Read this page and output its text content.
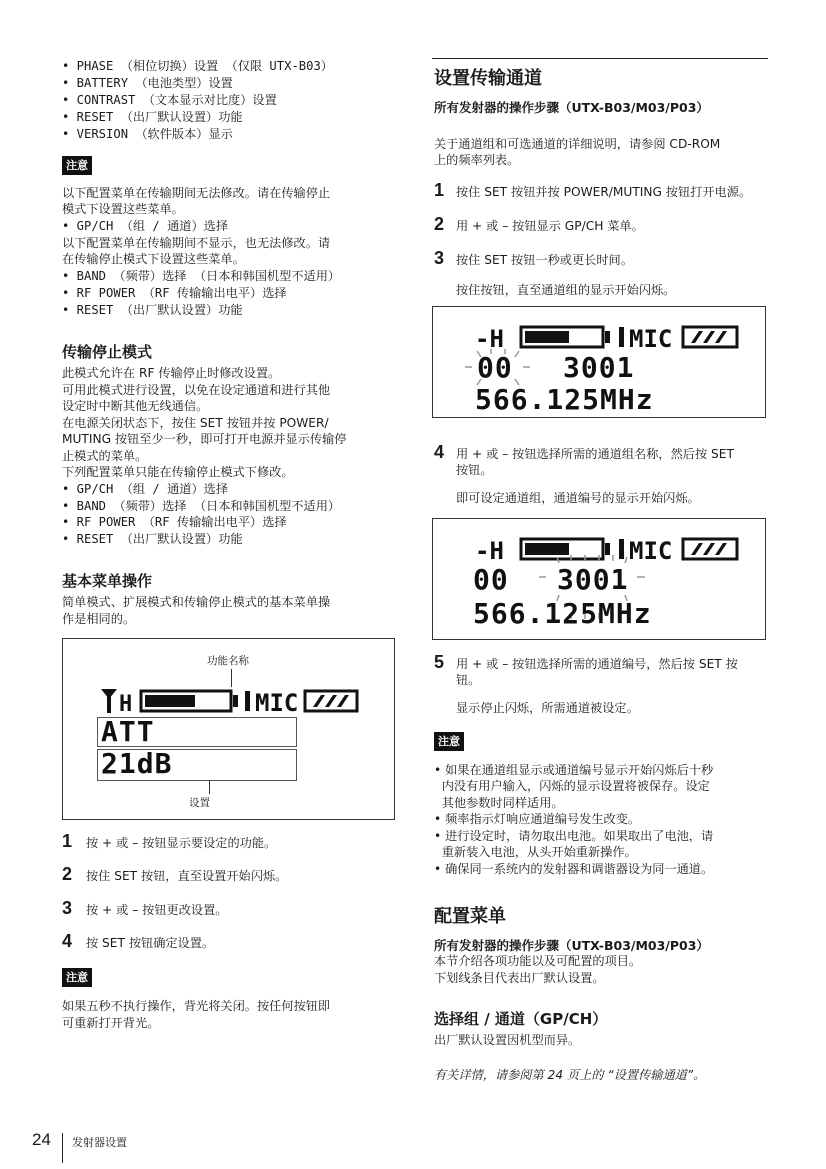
• PHASE （相位切换）设置 （仅限 UTX-B03）
• BATTERY （电池类型）设置
• CONTRAST （文本显示对比度）设置
• RESET （出厂默认设置）功能
• VERSION （软件版本）显示
注意
以下配置菜单在传输期间无法修改。请在传输停止
模式下设置这些菜单。
• GP/CH （组 / 通道）选择
以下配置菜单在传输期间不显示，也无法修改。请
在传输停止模式下设置这些菜单。
• BAND （频带）选择 （日本和韩国机型不适用）
• RF POWER （RF 传输输出电平）选择
• RESET （出厂默认设置）功能
传输停止模式
此模式允许在 RF 传输停止时修改设置。
可用此模式进行设置，以免在设定通道和进行其他
设定时中断其他无线通信。
在电源关闭状态下，按住 SET 按钮并按 POWER/
MUTING 按钮至少一秒，即可打开电源并显示传输停
止模式的菜单。
下列配置菜单只能在传输停止模式下修改。
• GP/CH （组 / 通道）选择
• BAND （频带）选择 （日本和韩国机型不适用）
• RF POWER （RF 传输输出电平）选择
• RESET （出厂默认设置）功能
基本菜单操作
简单模式、扩展模式和传输停止模式的基本菜单操
作是相同的。
功能名称
H	MIC
ATT
21dB
设置
1 按 + 或 – 按钮显示要设定的功能。
2 按住 SET 按钮，直至设置开始闪烁。
3 按 + 或 – 按钮更改设置。
4 按 SET 按钮确定设置。
注意
如果五秒不执行操作，背光将关闭。按任何按钮即
可重新打开背光。
设置传输通道
所有发射器的操作步骤（UTX-B03/M03/P03）
关于通道组和可选通道的详细说明，请参阅 CD-ROM
上的频率列表。
1 按住 SET 按钮并按 POWER/MUTING 按钮打开电源。
2 用 + 或 – 按钮显示 GP/CH 菜单。
3 按住 SET 按钮一秒或更长时间。
按住按钮，直至通道组的显示开始闪烁。
-H	MIC
00 3001
566.125MHz
4 用 + 或 – 按钮选择所需的通道组名称，然后按 SET
按钮。
即可设定通道组，通道编号的显示开始闪烁。
-H	MIC
00 3001
566.125MHz
5 用 + 或 – 按钮选择所需的通道编号，然后按 SET 按
钮。
显示停止闪烁，所需通道被设定。
注意
• 如果在通道组显示或通道编号显示开始闪烁后十秒
内没有用户输入，闪烁的显示设置将被保存。设定
其他参数时同样适用。
• 频率指示灯响应通道编号发生改变。
• 进行设定时，请勿取出电池。如果取出了电池，请
重新装入电池，从头开始重新操作。
• 确保同一系统内的发射器和调谐器设为同一通道。
配置菜单
所有发射器的操作步骤（UTX-B03/M03/P03）
本节介绍各项功能以及可配置的项目。
下划线条目代表出厂默认设置。
选择组 / 通道（GP/CH）
出厂默认设置因机型而异。
有关详情，请参阅第 24 页上的 “设置传输通道”。
24 发射器设置
